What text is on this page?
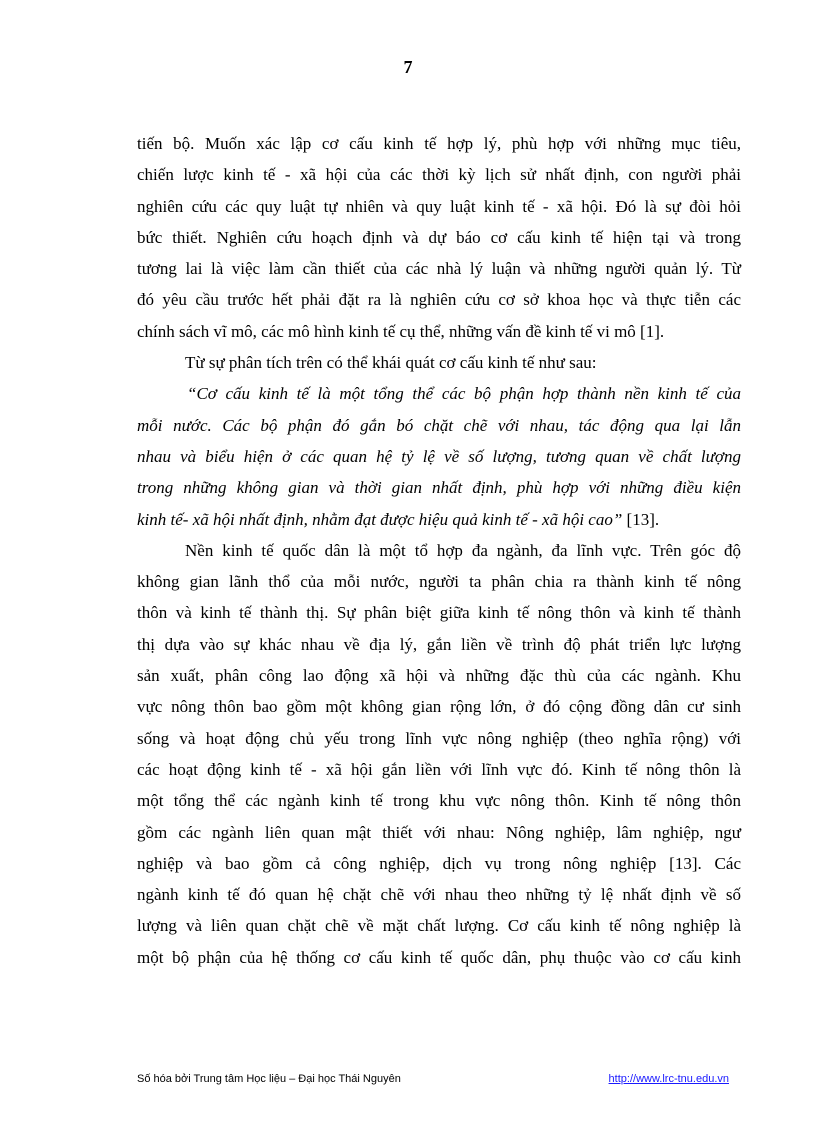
7
tiến bộ. Muốn xác lập cơ cấu kinh tế hợp lý, phù hợp với những mục tiêu,
chiến lược kinh tế - xã hội của các thời kỳ lịch sử nhất định, con người phải
nghiên cứu các quy luật tự nhiên và quy luật kinh tế - xã hội. Đó là sự đòi hỏi
bức thiết. Nghiên cứu hoạch định và dự báo cơ cấu kinh tế hiện tại và trong
tương lai là việc làm cần thiết của các nhà lý luận và những người quản lý. Từ
đó yêu cầu trước hết phải đặt ra là nghiên cứu cơ sở khoa học và thực tiễn các
chính sách vĩ mô, các mô hình kinh tế cụ thể, những vấn đề kinh tế vi mô [1].
Từ sự phân tích trên có thể khái quát cơ cấu kinh tế như sau:
“Cơ cấu kinh tế là một tổng thể các bộ phận hợp thành nền kinh tế của
mỗi nước. Các bộ phận đó gắn bó chặt chẽ với nhau, tác động qua lại lẫn
nhau và biểu hiện ở các quan hệ tỷ lệ về số lượng, tương quan về chất lượng
trong những không gian và thời gian nhất định, phù hợp với những điều kiện
kinh tế- xã hội nhất định, nhằm đạt được hiệu quả kinh tế - xã hội cao” [13].
Nền kinh tế quốc dân là một tổ hợp đa ngành, đa lĩnh vực. Trên góc độ
không gian lãnh thổ của mỗi nước, người ta phân chia ra thành kinh tế nông
thôn và kinh tế thành thị. Sự phân biệt giữa kinh tế nông thôn và kinh tế thành
thị dựa vào sự khác nhau về địa lý, gắn liền về trình độ phát triển lực lượng
sản xuất, phân công lao động xã hội và những đặc thù của các ngành. Khu
vực nông thôn bao gồm một không gian rộng lớn, ở đó cộng đồng dân cư sinh
sống và hoạt động chủ yếu trong lĩnh vực nông nghiệp (theo nghĩa rộng) với
các hoạt động kinh tế - xã hội gắn liền với lĩnh vực đó. Kinh tế nông thôn là
một tổng thể các ngành kinh tế trong khu vực nông thôn. Kinh tế nông thôn
gồm các ngành liên quan mật thiết với nhau: Nông nghiệp, lâm nghiệp, ngư
nghiệp và bao gồm cả công nghiệp, dịch vụ trong nông nghiệp [13]. Các
ngành kinh tế đó quan hệ chặt chẽ với nhau theo những tỷ lệ nhất định về số
lượng và liên quan chặt chẽ về mặt chất lượng. Cơ cấu kinh tế nông nghiệp là
một bộ phận của hệ thống cơ cấu kinh tế quốc dân, phụ thuộc vào cơ cấu kinh
Số hóa bởi Trung tâm Học liệu – Đại học Thái Nguyên	http://www.lrc-tnu.edu.vn
